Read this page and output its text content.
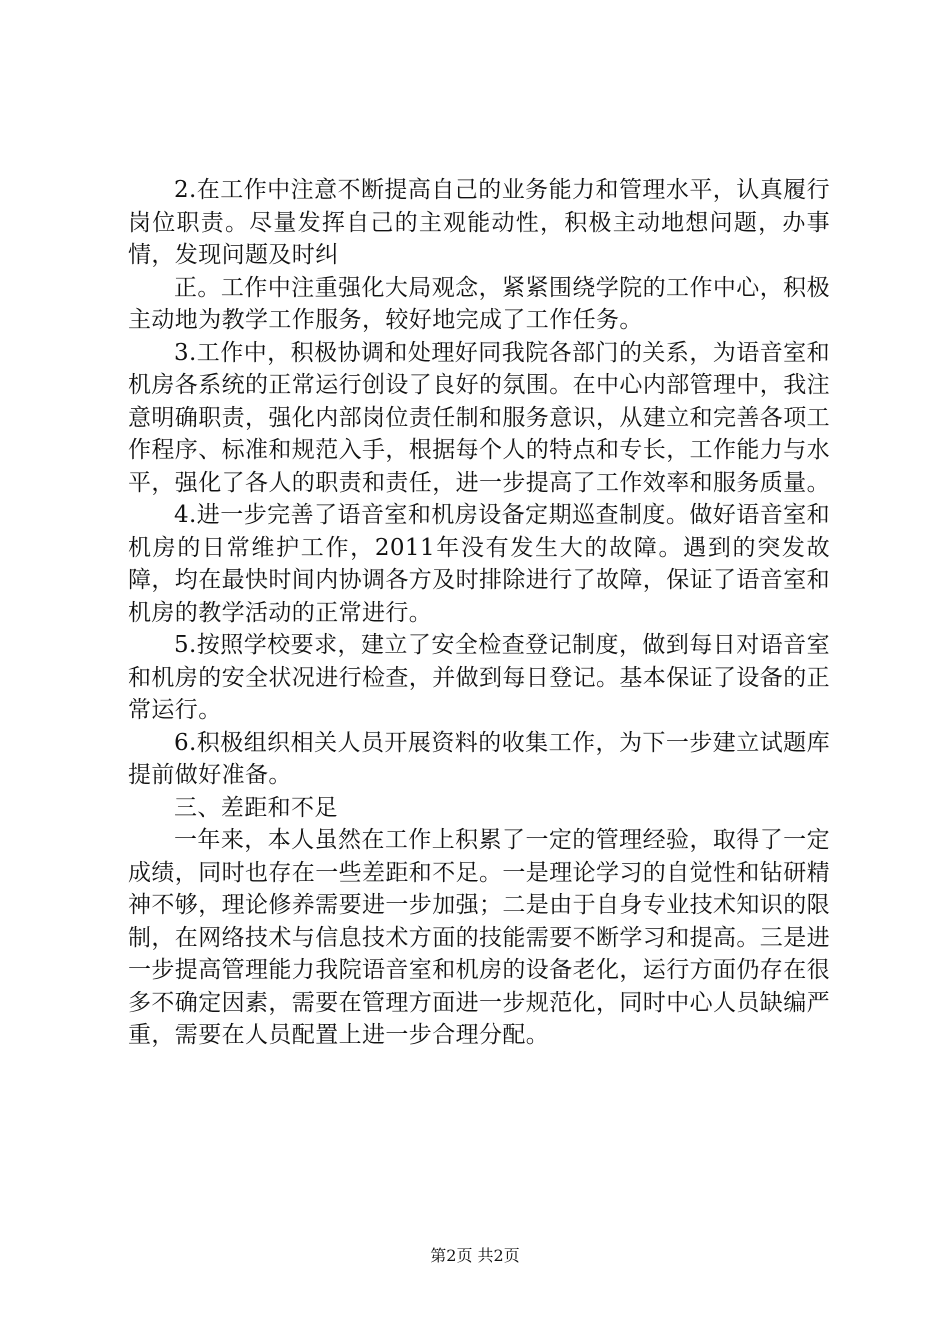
2.在工作中注意不断提高自己的业务能力和管理水平，认真履行岗位职责。尽量发挥自己的主观能动性，积极主动地想问题，办事情，发现问题及时纠

正。工作中注重强化大局观念，紧紧围绕学院的工作中心，积极主动地为教学工作服务，较好地完成了工作任务。

3.工作中，积极协调和处理好同我院各部门的关系，为语音室和机房各系统的正常运行创设了良好的氛围。在中心内部管理中，我注意明确职责，强化内部岗位责任制和服务意识，从建立和完善各项工作程序、标准和规范入手，根据每个人的特点和专长，工作能力与水平，强化了各人的职责和责任，进一步提高了工作效率和服务质量。

4.进一步完善了语音室和机房设备定期巡查制度。做好语音室和机房的日常维护工作，2011年没有发生大的故障。遇到的突发故障，均在最快时间内协调各方及时排除进行了故障，保证了语音室和机房的教学活动的正常进行。

5.按照学校要求，建立了安全检查登记制度，做到每日对语音室和机房的安全状况进行检查，并做到每日登记。基本保证了设备的正常运行。

6.积极组织相关人员开展资料的收集工作，为下一步建立试题库提前做好准备。

三、差距和不足

一年来，本人虽然在工作上积累了一定的管理经验，取得了一定成绩，同时也存在一些差距和不足。一是理论学习的自觉性和钻研精神不够，理论修养需要进一步加强；二是由于自身专业技术知识的限制，在网络技术与信息技术方面的技能需要不断学习和提高。三是进一步提高管理能力我院语音室和机房的设备老化，运行方面仍存在很多不确定因素，需要在管理方面进一步规范化，同时中心人员缺编严重，需要在人员配置上进一步合理分配。

第2页 共2页
